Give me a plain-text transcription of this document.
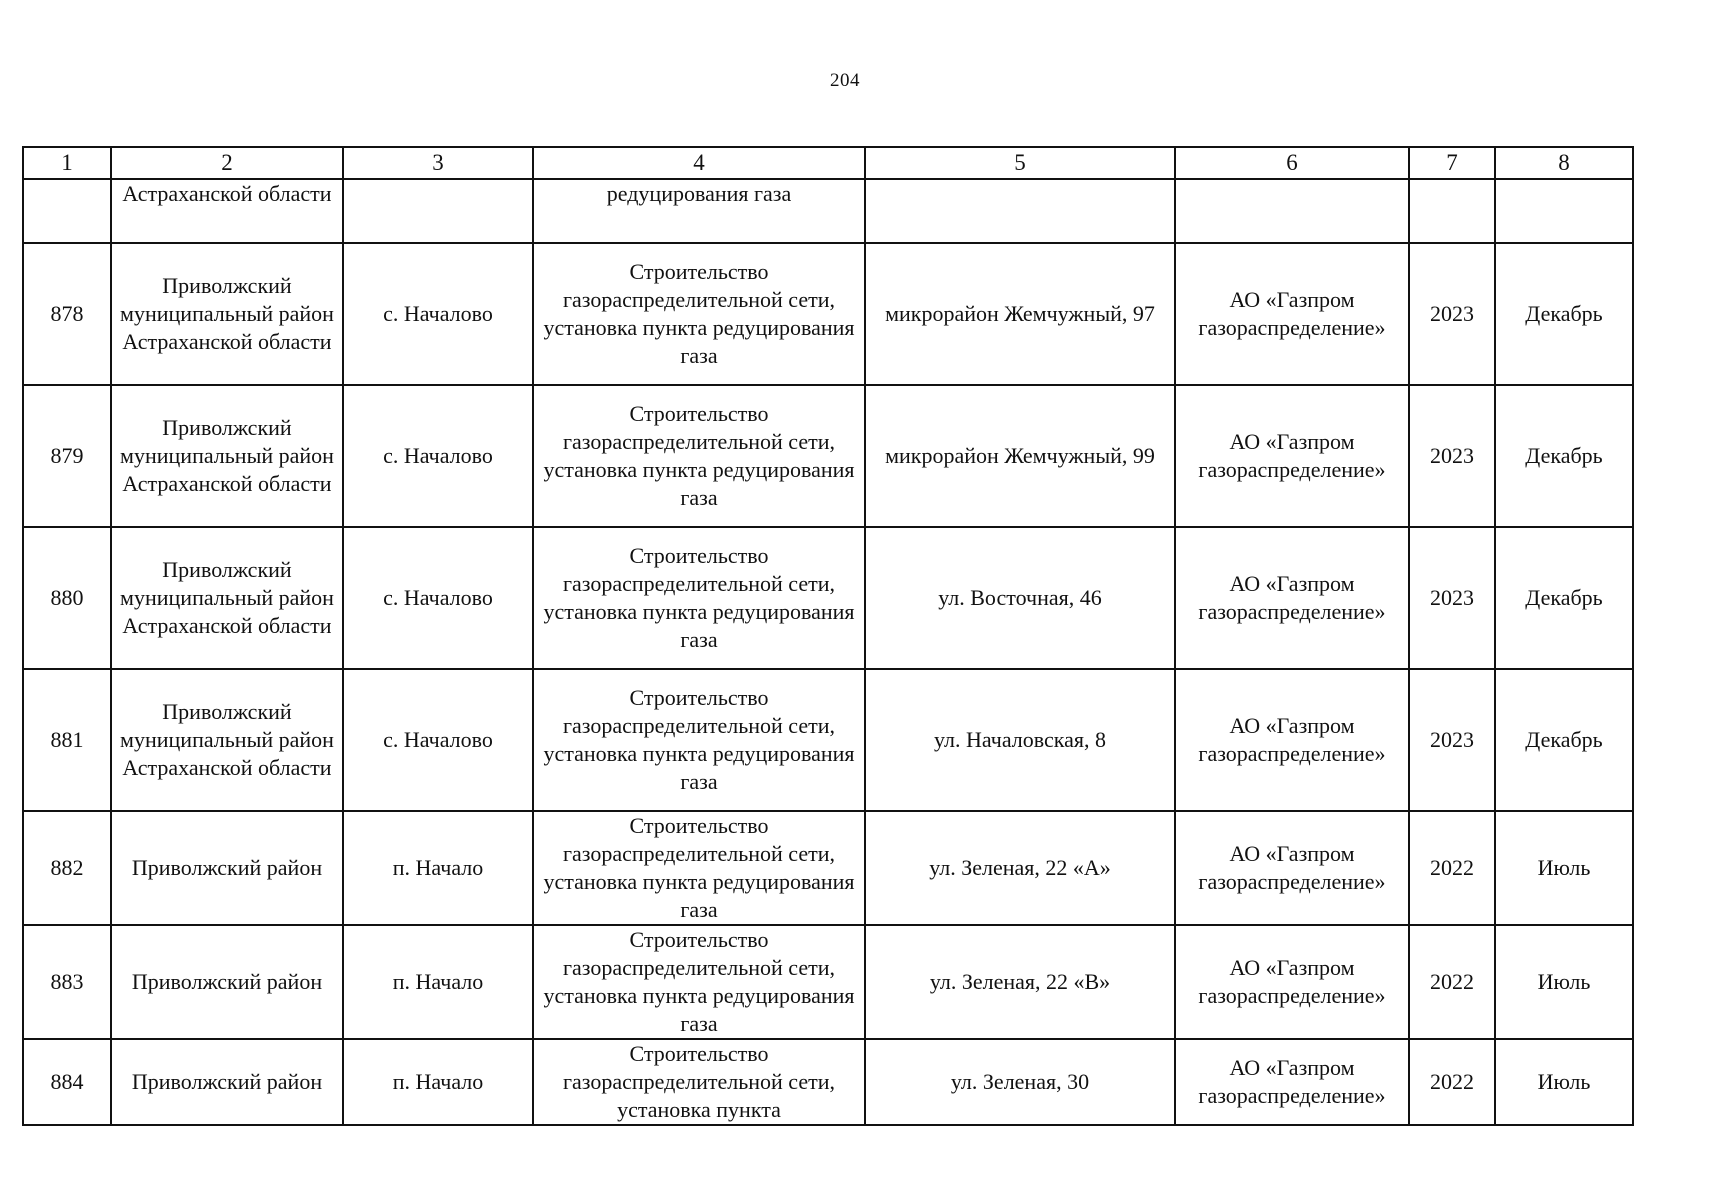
204
1	2	3	4	5	6	7	8
	Астраханской области		редуцирования газа				
878	Приволжский муниципальный район Астраханской области	с. Началово	Строительство газораспределительной сети, установка пункта редуцирования газа	микрорайон Жемчужный, 97	АО «Газпром газораспределение»	2023	Декабрь
879	Приволжский муниципальный район Астраханской области	с. Началово	Строительство газораспределительной сети, установка пункта редуцирования газа	микрорайон Жемчужный, 99	АО «Газпром газораспределение»	2023	Декабрь
880	Приволжский муниципальный район Астраханской области	с. Началово	Строительство газораспределительной сети, установка пункта редуцирования газа	ул. Восточная, 46	АО «Газпром газораспределение»	2023	Декабрь
881	Приволжский муниципальный район Астраханской области	с. Началово	Строительство газораспределительной сети, установка пункта редуцирования газа	ул. Началовская, 8	АО «Газпром газораспределение»	2023	Декабрь
882	Приволжский район	п. Начало	Строительство газораспределительной сети, установка пункта редуцирования газа	ул. Зеленая, 22 «А»	АО «Газпром газораспределение»	2022	Июль
883	Приволжский район	п. Начало	Строительство газораспределительной сети, установка пункта редуцирования газа	ул. Зеленая, 22 «В»	АО «Газпром газораспределение»	2022	Июль
884	Приволжский район	п. Начало	Строительство газораспределительной сети, установка пункта	ул. Зеленая, 30	АО «Газпром газораспределение»	2022	Июль
